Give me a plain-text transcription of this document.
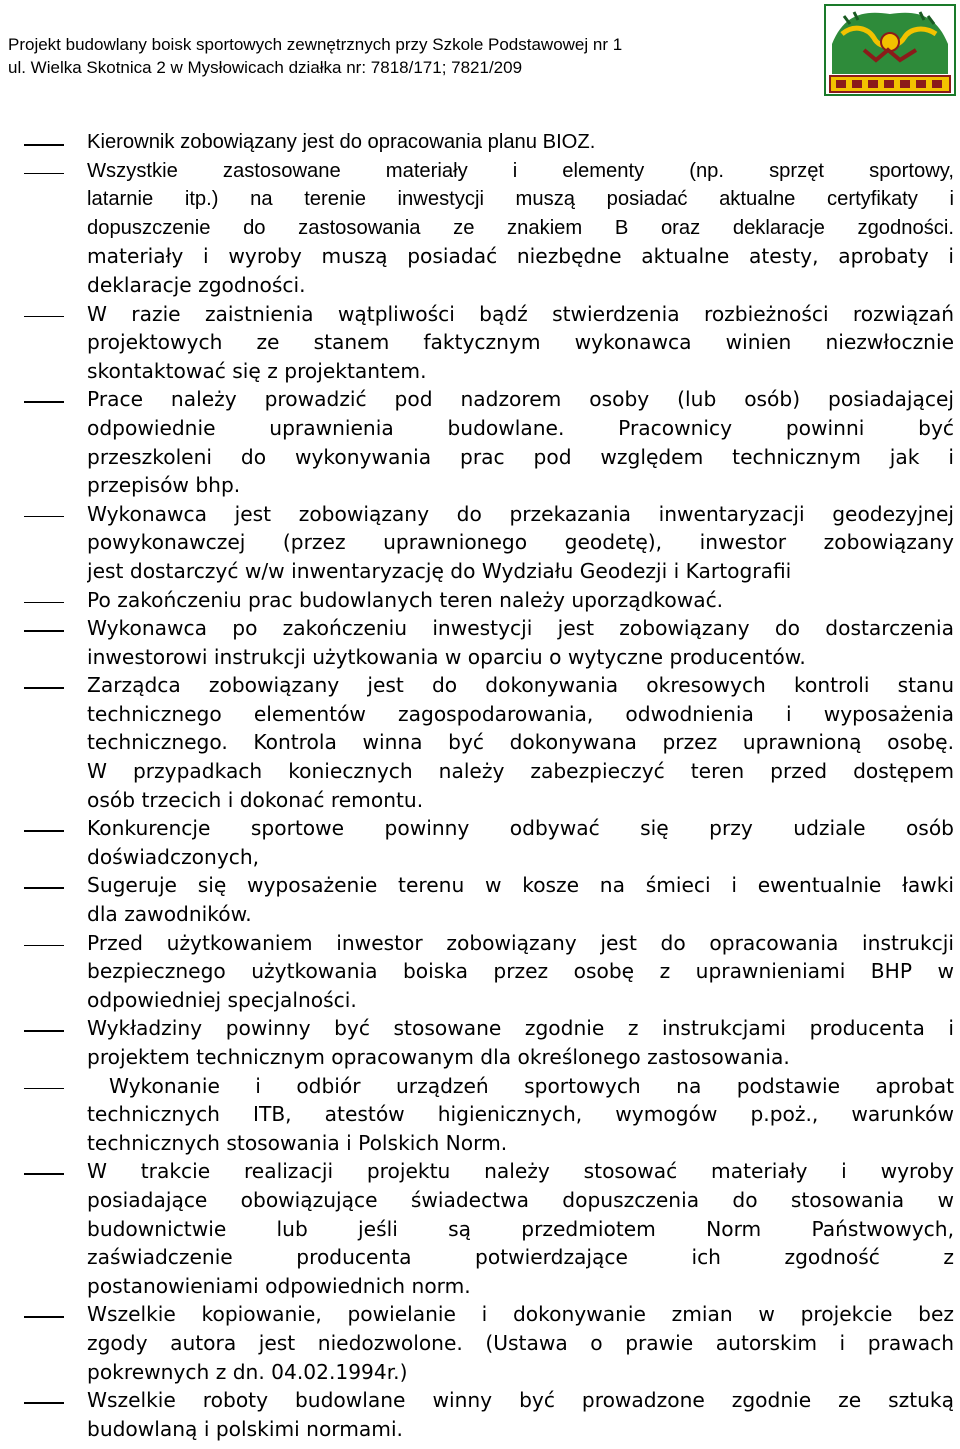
Projekt budowlany boisk sportowych zewnętrznych przy Szkole Podstawowej nr 1
ul. Wielka Skotnica 2 w Mysłowicach działka nr: 7818/171; 7821/209
Kierownik zobowiązany jest do opracowania planu BIOZ.
Wszystkie zastosowane materiały i elementy (np. sprzęt sportowy,
latarnie itp.) na terenie inwestycji muszą posiadać aktualne certyfikaty i
dopuszczenie do zastosowania ze znakiem B oraz deklaracje zgodności.
materiały i wyroby muszą posiadać niezbędne aktualne atesty, aprobaty i
deklaracje zgodności.
W razie zaistnienia wątpliwości bądź stwierdzenia rozbieżności rozwiązań
projektowych ze stanem faktycznym wykonawca winien niezwłocznie
skontaktować się z projektantem.
Prace należy prowadzić pod nadzorem osoby (lub osób) posiadającej
odpowiednie uprawnienia budowlane. Pracownicy powinni być
przeszkoleni do wykonywania prac pod względem technicznym jak i
przepisów bhp.
Wykonawca jest zobowiązany do przekazania inwentaryzacji geodezyjnej
powykonawczej (przez uprawnionego geodetę), inwestor zobowiązany
jest dostarczyć w/w inwentaryzację do Wydziału Geodezji i Kartografii
Po zakończeniu prac budowlanych teren należy uporządkować.
Wykonawca po zakończeniu inwestycji jest zobowiązany do dostarczenia
inwestorowi instrukcji użytkowania w oparciu o wytyczne producentów.
Zarządca zobowiązany jest do dokonywania okresowych kontroli stanu
technicznego elementów zagospodarowania, odwodnienia i wyposażenia
technicznego. Kontrola winna być dokonywana przez uprawnioną osobę.
W przypadkach koniecznych należy zabezpieczyć teren przed dostępem
osób trzecich i dokonać remontu.
Konkurencje sportowe powinny odbywać się przy udziale osób
doświadczonych,
Sugeruje się wyposażenie terenu w kosze na śmieci i ewentualnie ławki
dla zawodników.
Przed użytkowaniem inwestor zobowiązany jest do opracowania instrukcji
bezpiecznego użytkowania boiska przez osobę z uprawnieniami BHP w
odpowiedniej specjalności.
Wykładziny powinny być stosowane zgodnie z instrukcjami producenta i
projektem technicznym opracowanym dla określonego zastosowania.
Wykonanie i odbiór urządzeń sportowych na podstawie aprobat
technicznych ITB, atestów higienicznych, wymogów p.poż., warunków
technicznych stosowania i Polskich Norm.
W trakcie realizacji projektu należy stosować materiały i wyroby
posiadające obowiązujące świadectwa dopuszczenia do stosowania w
budownictwie lub jeśli są przedmiotem Norm Państwowych,
zaświadczenie producenta potwierdzające ich zgodność z
postanowieniami odpowiednich norm.
Wszelkie kopiowanie, powielanie i dokonywanie zmian w projekcie bez
zgody autora jest niedozwolone. (Ustawa o prawie autorskim i prawach
pokrewnych z dn. 04.02.1994r.)
Wszelkie roboty budowlane winny być prowadzone zgodnie ze sztuką
budowlaną i polskimi normami.
